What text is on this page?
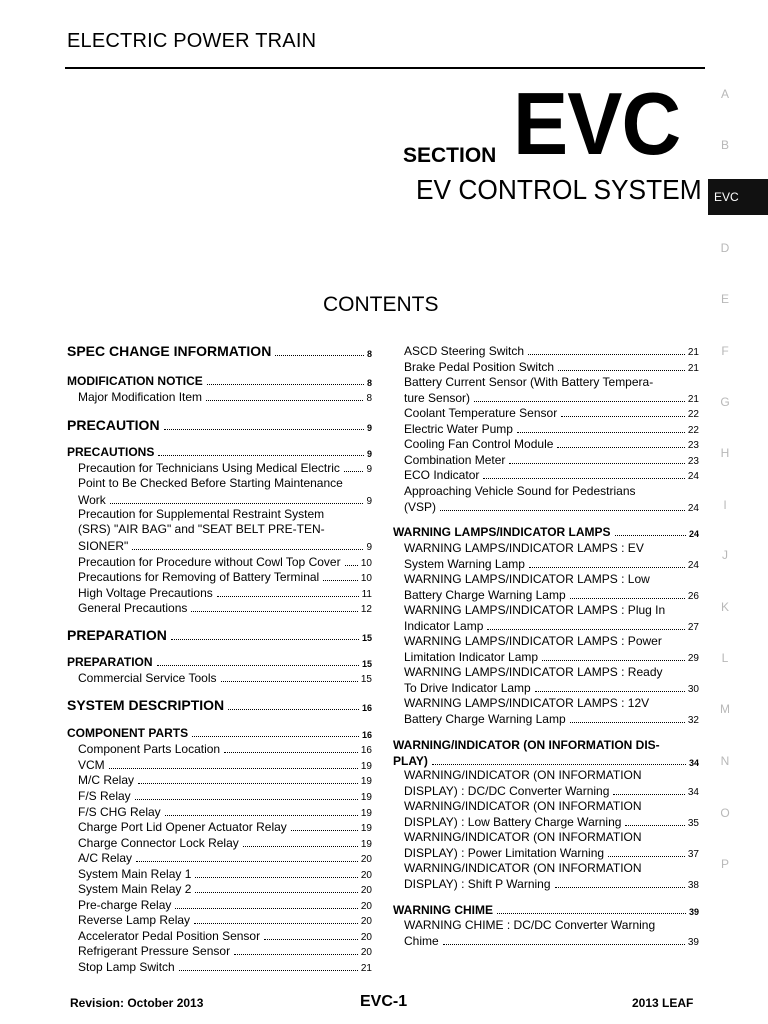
ELECTRIC POWER TRAIN
SECTION EVC
EV CONTROL SYSTEM
CONTENTS
A
B
EVC
D
E
F
G
H
I
J
K
L
M
N
O
P
SPEC CHANGE INFORMATION	8
MODIFICATION NOTICE	8
Major Modification Item	8
PRECAUTION	9
PRECAUTIONS	9
Precaution for Technicians Using Medical Electric	9
Point to Be Checked Before Starting Maintenance
Work	9
Precaution for Supplemental Restraint System
(SRS) "AIR BAG" and "SEAT BELT PRE-TEN-
SIONER"	9
Precaution for Procedure without Cowl Top Cover 10
Precautions for Removing of Battery Terminal	10
High Voltage Precautions	11
General Precautions	12
PREPARATION	15
PREPARATION	15
Commercial Service Tools	15
SYSTEM DESCRIPTION	16
COMPONENT PARTS	16
Component Parts Location	16
VCM	19
M/C Relay	19
F/S Relay	19
F/S CHG Relay	19
Charge Port Lid Opener Actuator Relay	19
Charge Connector Lock Relay	19
A/C Relay	20
System Main Relay 1	20
System Main Relay 2	20
Pre-charge Relay	20
Reverse Lamp Relay	20
Accelerator Pedal Position Sensor	20
Refrigerant Pressure Sensor	20
Stop Lamp Switch	21
ASCD Steering Switch	21
Brake Pedal Position Switch	21
Battery Current Sensor (With Battery Tempera-
ture Sensor)	21
Coolant Temperature Sensor	22
Electric Water Pump	22
Cooling Fan Control Module	23
Combination Meter	23
ECO Indicator	24
Approaching Vehicle Sound for Pedestrians
(VSP)	24
WARNING LAMPS/INDICATOR LAMPS	24
WARNING LAMPS/INDICATOR LAMPS : EV
System Warning Lamp	24
WARNING LAMPS/INDICATOR LAMPS : Low
Battery Charge Warning Lamp	26
WARNING LAMPS/INDICATOR LAMPS : Plug In
Indicator Lamp	27
WARNING LAMPS/INDICATOR LAMPS : Power
Limitation Indicator Lamp	29
WARNING LAMPS/INDICATOR LAMPS : Ready
To Drive Indicator Lamp	30
WARNING LAMPS/INDICATOR LAMPS : 12V
Battery Charge Warning Lamp	32
WARNING/INDICATOR (ON INFORMATION DIS-
PLAY)	34
WARNING/INDICATOR (ON INFORMATION
DISPLAY) : DC/DC Converter Warning	34
WARNING/INDICATOR (ON INFORMATION
DISPLAY) : Low Battery Charge Warning	35
WARNING/INDICATOR (ON INFORMATION
DISPLAY) : Power Limitation Warning	37
WARNING/INDICATOR (ON INFORMATION
DISPLAY) : Shift P Warning	38
WARNING CHIME	39
WARNING CHIME : DC/DC Converter Warning
Chime	39
Revision: October 2013	EVC-1	2013 LEAF
